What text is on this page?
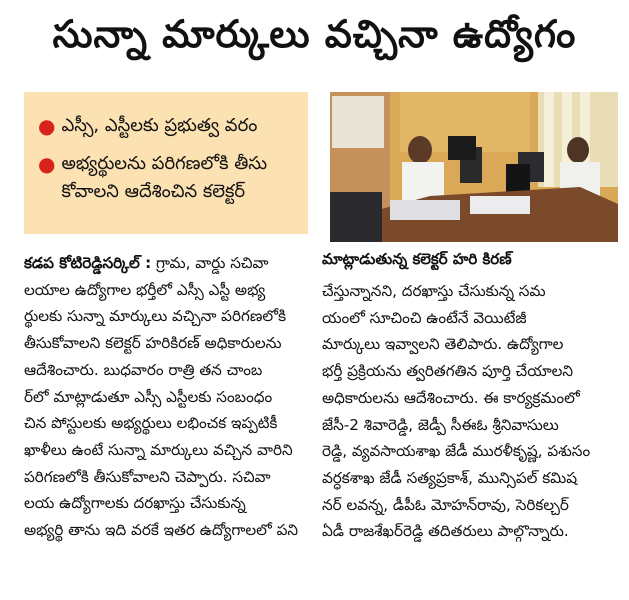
సున్నా మార్కులు వచ్చినా ఉద్యోగం
● ఎస్సీ, ఎస్టీలకు ప్రభుత్వ వరం
● అభ్యర్థులను పరిగణలోకి తీసు కోవాలని ఆదేశించిన కలెక్టర్
మాట్లాడుతున్న కలెక్టర్ హరి కిరణ్
కడప కోటిరెడ్డిసర్కిల్ : గ్రామ, వార్డు సచివా
లయాల ఉద్యోగాల భర్తీలో ఎస్సీ ఎస్టీ అభ్య
ర్థులకు సున్నా మార్కులు వచ్చినా పరిగణలోకి
తీసుకోవాలని కలెక్టర్ హరికిరణ్ అధికారులను
ఆదేశించారు. బుధవారం రాత్రి తన చాంబ
ర్‌లో మాట్లాడుతూ ఎస్సీ ఎస్టీలకు సంబంధం
చిన పోస్టులకు అభ్యర్థులు లభించక ఇప్పటికీ
ఖాళీలు ఉంటే సున్నా మార్కులు వచ్చిన వారిని
పరిగణలోకి తీసుకోవాలని చెప్పారు. సచివా
లయ ఉద్యోగాలకు దరఖాస్తు చేసుకున్న
అభ్యర్థి తాను ఇది వరకే ఇతర ఉద్యోగాలలో పని
చేస్తున్నానని, దరఖాస్తు చేసుకున్న సమ
యంలో సూచించి ఉంటేనే వెయిటేజీ
మార్కులు ఇవ్వాలని తెలిపారు. ఉద్యోగాల
భర్తీ ప్రక్రియను త్వరితగతిన పూర్తి చేయాలని
అధికారులను ఆదేశించారు. ఈ కార్యక్రమంలో
జేసీ-2 శివారెడ్డి, జెడ్పీ సీఈఓ శ్రీనివాసులు
రెడ్డి, వ్యవసాయశాఖ జేడీ మురళీకృష్ణ, పశుసం
వర్ధకశాఖ జేడీ సత్యప్రకాశ్, మున్సిపల్ కమిష
నర్ లవన్న, డీపీఓ మోహన్‌రావు, సెరికల్చర్
ఏడీ రాజశేఖర్‌రెడ్డి తదితరులు పాల్గొన్నారు.
